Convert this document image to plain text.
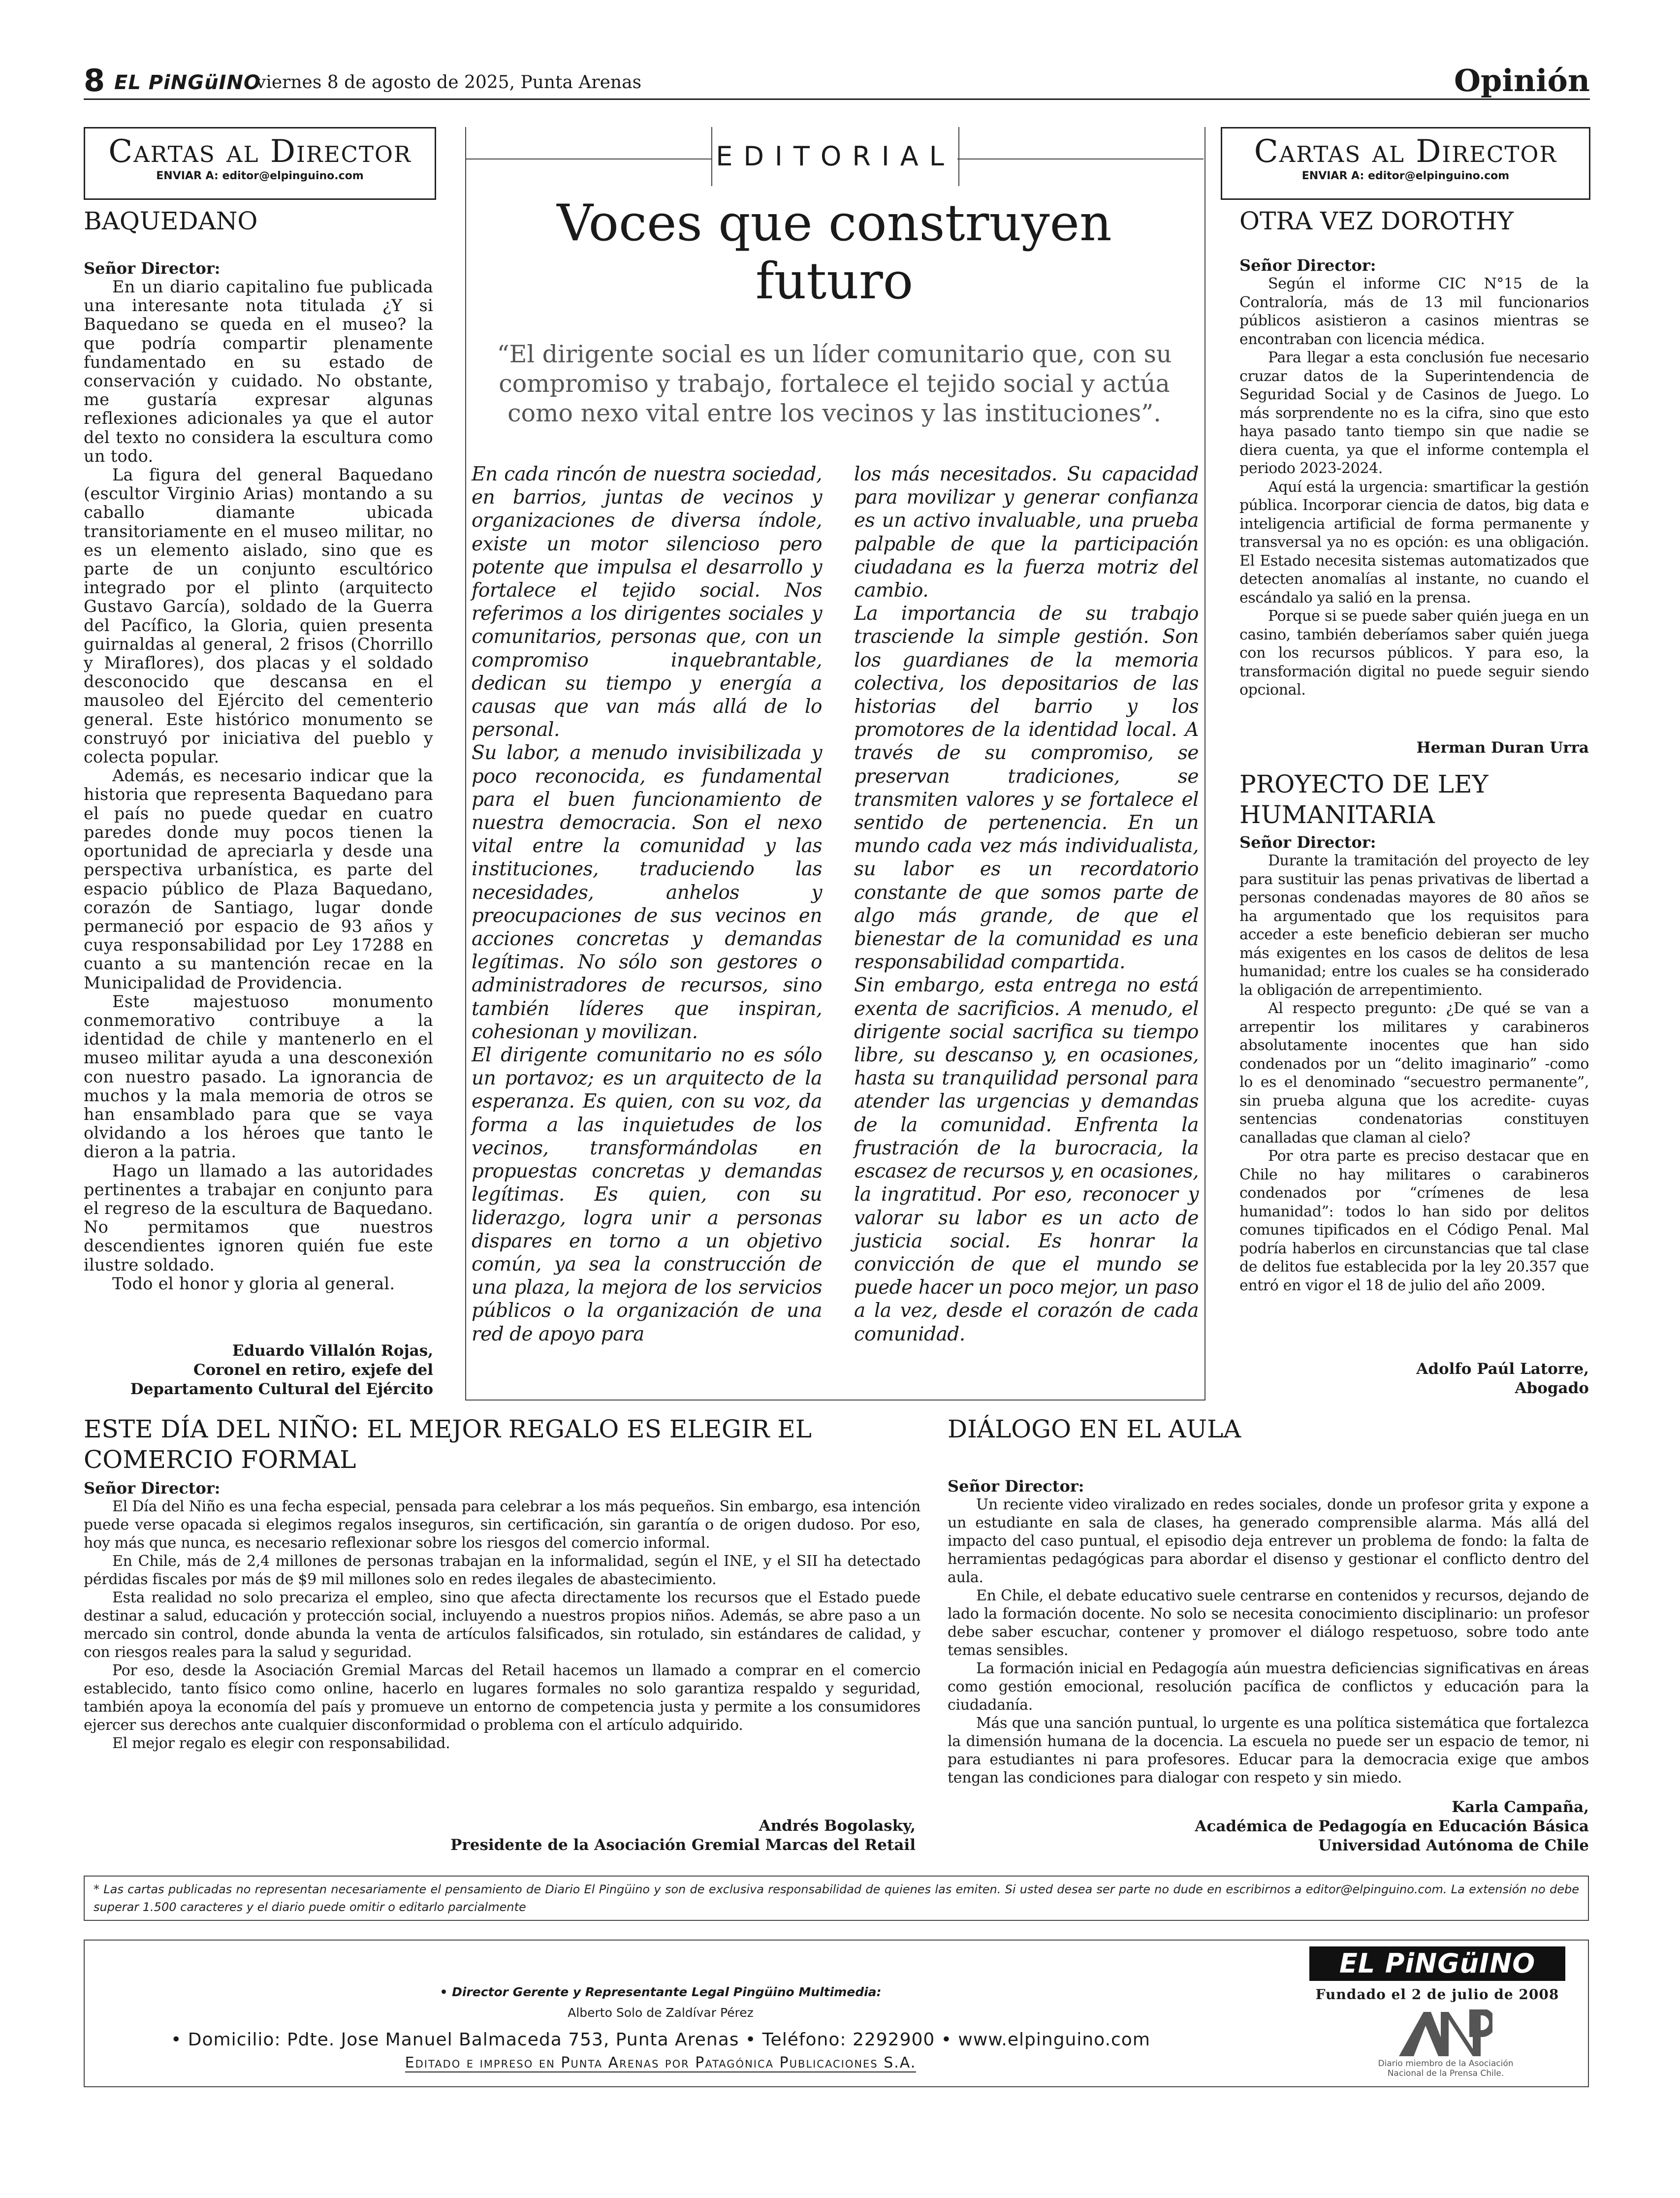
8 EL PiNGüINO
viernes 8 de agosto de 2025, Punta Arenas	Opinión
Cartas al Director
ENVIAR A: editor@elpinguino.com
BAQUEDANO
Señor Director:

En un diario capitalino fue publicada una interesante nota titulada ¿Y si Baquedano se queda en el museo? la que podría compartir plenamente fundamentado en su estado de conservación y cuidado. No obstante, me gustaría expresar algunas reflexiones adicionales ya que el autor del texto no considera la escultura como un todo.

La figura del general Baquedano (escultor Virginio Arias) montando a su caballo diamante ubicada transitoriamente en el museo militar, no es un elemento aislado, sino que es parte de un conjunto escultórico integrado por el plinto (arquitecto Gustavo García), soldado de la Guerra del Pacífico, la Gloria, quien presenta guirnaldas al general, 2 frisos (Chorrillo y Miraflores), dos placas y el soldado desconocido que descansa en el mausoleo del Ejército del cementerio general. Este histórico monumento se construyó por iniciativa del pueblo y colecta popular.

Además, es necesario indicar que la historia que representa Baquedano para el país no puede quedar en cuatro paredes donde muy pocos tienen la oportunidad de apreciarla y desde una perspectiva urbanística, es parte del espacio público de Plaza Baquedano, corazón de Santiago, lugar donde permaneció por espacio de 93 años y cuya responsabilidad por Ley 17288 en cuanto a su mantención recae en la Municipalidad de Providencia.

Este majestuoso monumento conmemorativo contribuye a la identidad de chile y mantenerlo en el museo militar ayuda a una desconexión con nuestro pasado. La ignorancia de muchos y la mala memoria de otros se han ensamblado para que se vaya olvidando a los héroes que tanto le dieron a la patria.

Hago un llamado a las autoridades pertinentes a trabajar en conjunto para el regreso de la escultura de Baquedano. No permitamos que nuestros descendientes ignoren quién fue este ilustre soldado.

Todo el honor y gloria al general.

Eduardo Villalón Rojas,
Coronel en retiro, exjefe del
Departamento Cultural del Ejército
EDITORIAL
Voces que construyen futuro
“El dirigente social es un líder comunitario que, con su compromiso y trabajo, fortalece el tejido social y actúa como nexo vital entre los vecinos y las instituciones”.

En cada rincón de nuestra sociedad, en barrios, juntas de vecinos y organizaciones de diversa índole, existe un motor silencioso pero potente que impulsa el desarrollo y fortalece el tejido social. Nos referimos a los dirigentes sociales y comunitarios, personas que, con un compromiso inquebrantable, dedican su tiempo y energía a causas que van más allá de lo personal.

Su labor, a menudo invisibilizada y poco reconocida, es fundamental para el buen funcionamiento de nuestra democracia. Son el nexo vital entre la comunidad y las instituciones, traduciendo las necesidades, anhelos y preocupaciones de sus vecinos en acciones concretas y demandas legítimas. No sólo son gestores o administradores de recursos, sino también líderes que inspiran, cohesionan y movilizan.

El dirigente comunitario no es sólo un portavoz; es un arquitecto de la esperanza. Es quien, con su voz, da forma a las inquietudes de los vecinos, transformándolas en propuestas concretas y demandas legítimas. Es quien, con su liderazgo, logra unir a personas dispares en torno a un objetivo común, ya sea la construcción de una plaza, la mejora de los servicios públicos o la organización de una red de apoyo para

los más necesitados. Su capacidad para movilizar y generar confianza es un activo invaluable, una prueba palpable de que la participación ciudadana es la fuerza motriz del cambio.

La importancia de su trabajo trasciende la simple gestión. Son los guardianes de la memoria colectiva, los depositarios de las historias del barrio y los promotores de la identidad local. A través de su compromiso, se preservan tradiciones, se transmiten valores y se fortalece el sentido de pertenencia. En un mundo cada vez más individualista, su labor es un recordatorio constante de que somos parte de algo más grande, de que el bienestar de la comunidad es una responsabilidad compartida.

Sin embargo, esta entrega no está exenta de sacrificios. A menudo, el dirigente social sacrifica su tiempo libre, su descanso y, en ocasiones, hasta su tranquilidad personal para atender las urgencias y demandas de la comunidad. Enfrenta la frustración de la burocracia, la escasez de recursos y, en ocasiones, la ingratitud. Por eso, reconocer y valorar su labor es un acto de justicia social. Es honrar la convicción de que el mundo se puede hacer un poco mejor, un paso a la vez, desde el corazón de cada comunidad.

Cartas al Director
ENVIAR A: editor@elpinguino.com
OTRA VEZ DOROTHY
Señor Director:

Según el informe CIC N°15 de la Contraloría, más de 13 mil funcionarios públicos asistieron a casinos mientras se encontraban con licencia médica.

Para llegar a esta conclusión fue necesario cruzar datos de la Superintendencia de Seguridad Social y de Casinos de Juego. Lo más sorprendente no es la cifra, sino que esto haya pasado tanto tiempo sin que nadie se diera cuenta, ya que el informe contempla el periodo 2023-2024.

Aquí está la urgencia: smartificar la gestión pública. Incorporar ciencia de datos, big data e inteligencia artificial de forma permanente y transversal ya no es opción: es una obligación. El Estado necesita sistemas automatizados que detecten anomalías al instante, no cuando el escándalo ya salió en la prensa.

Porque si se puede saber quién juega en un casino, también deberíamos saber quién juega con los recursos públicos. Y para eso, la transformación digital no puede seguir siendo opcional.

Herman Duran Urra
PROYECTO DE LEY HUMANITARIA
Señor Director:

Durante la tramitación del proyecto de ley para sustituir las penas privativas de libertad a personas condenadas mayores de 80 años se ha argumentado que los requisitos para acceder a este beneficio debieran ser mucho más exigentes en los casos de delitos de lesa humanidad; entre los cuales se ha considerado la obligación de arrepentimiento.

Al respecto pregunto: ¿De qué se van a arrepentir los militares y carabineros absolutamente inocentes que han sido condenados por un “delito imaginario” -como lo es el denominado “secuestro permanente”, sin prueba alguna que los acredite- cuyas sentencias condenatorias constituyen canalladas que claman al cielo?

Por otra parte es preciso destacar que en Chile no hay militares o carabineros condenados por “crímenes de lesa humanidad”: todos lo han sido por delitos comunes tipificados en el Código Penal. Mal podría haberlos en circunstancias que tal clase de delitos fue establecida por la ley 20.357 que entró en vigor el 18 de julio del año 2009.

Adolfo Paúl Latorre,
Abogado
ESTE DÍA DEL NIÑO: EL MEJOR REGALO ES ELEGIR EL COMERCIO FORMAL
Señor Director:

El Día del Niño es una fecha especial, pensada para celebrar a los más pequeños. Sin embargo, esa intención puede verse opacada si elegimos regalos inseguros, sin certificación, sin garantía o de origen dudoso. Por eso, hoy más que nunca, es necesario reflexionar sobre los riesgos del comercio informal.

En Chile, más de 2,4 millones de personas trabajan en la informalidad, según el INE, y el SII ha detectado pérdidas fiscales por más de $9 mil millones solo en redes ilegales de abastecimiento.

Esta realidad no solo precariza el empleo, sino que afecta directamente los recursos que el Estado puede destinar a salud, educación y protección social, incluyendo a nuestros propios niños. Además, se abre paso a un mercado sin control, donde abunda la venta de artículos falsificados, sin rotulado, sin estándares de calidad, y con riesgos reales para la salud y seguridad.

Por eso, desde la Asociación Gremial Marcas del Retail hacemos un llamado a comprar en el comercio establecido, tanto físico como online, hacerlo en lugares formales no solo garantiza respaldo y seguridad, también apoya la economía del país y promueve un entorno de competencia justa y permite a los consumidores ejercer sus derechos ante cualquier disconformidad o problema con el artículo adquirido.

El mejor regalo es elegir con responsabilidad.

Andrés Bogolasky,
Presidente de la Asociación Gremial Marcas del Retail
DIÁLOGO EN EL AULA
Señor Director:

Un reciente video viralizado en redes sociales, donde un profesor grita y expone a un estudiante en sala de clases, ha generado comprensible alarma. Más allá del impacto del caso puntual, el episodio deja entrever un problema de fondo: la falta de herramientas pedagógicas para abordar el disenso y gestionar el conflicto dentro del aula.

En Chile, el debate educativo suele centrarse en contenidos y recursos, dejando de lado la formación docente. No solo se necesita conocimiento disciplinario: un profesor debe saber escuchar, contener y promover el diálogo respetuoso, sobre todo ante temas sensibles.

La formación inicial en Pedagogía aún muestra deficiencias significativas en áreas como gestión emocional, resolución pacífica de conflictos y educación para la ciudadanía.

Más que una sanción puntual, lo urgente es una política sistemática que fortalezca la dimensión humana de la docencia. La escuela no puede ser un espacio de temor, ni para estudiantes ni para profesores. Educar para la democracia exige que ambos tengan las condiciones para dialogar con respeto y sin miedo.

Karla Campaña,
Académica de Pedagogía en Educación Básica
Universidad Autónoma de Chile
* Las cartas publicadas no representan necesariamente el pensamiento de Diario El Pingüino y son de exclusiva responsabilidad de quienes las emiten. Si usted desea ser parte no dude en escribirnos a editor@elpinguino.com. La extensión no debe superar 1.500 caracteres y el diario puede omitir o editarlo parcialmente
• Director Gerente y Representante Legal Pingüino Multimedia:
Alberto Solo de Zaldívar Pérez
• Domicilio: Pdte. Jose Manuel Balmaceda 753, Punta Arenas • Teléfono: 2292900 • www.elpinguino.com
Editado e impreso en Punta Arenas por Patagónica Publicaciones S.A.
EL PiNGüINO
Fundado el 2 de julio de 2008
Diario miembro de la Asociación Nacional de la Prensa Chile.
